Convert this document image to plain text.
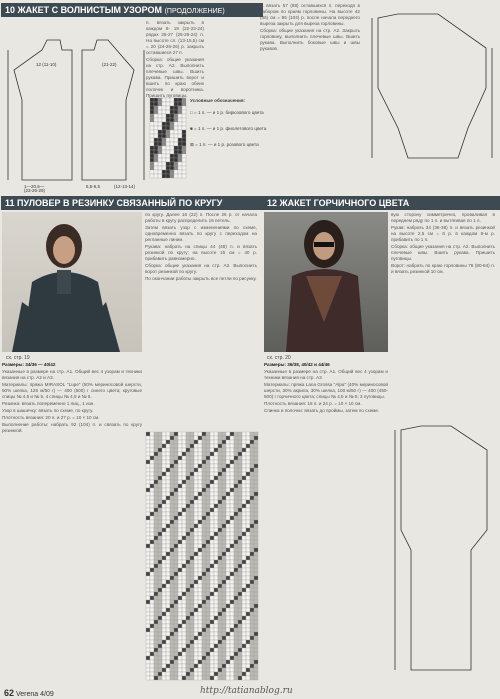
10 ЖАКЕТ С ВОЛНИСТЫМ УЗОРОМ (ПРОДОЛЖЕНИЕ)
1—20,5—
(23-26-29)
6,5-6,5	(12-13-14)
12 (11-10)	(21-22)

п. вязать закрыть в каждом 8- 19 (22-23-24) рядах 25-27 (25-26-24) п. На высоте сл. (13-15,5) см = 20 (24-26-26) р. закрыть оставшиеся 27 п.

Сборка: общие указания на стр. А2. Выполнить плечевые швы. Вшить рукава. Пришить ворот и вшить по краю обеих полочек и воротника. Пришить пуговицы.

Условные обозначения:
□ = 1 п. — и 1 р. бирюзового цвета
■ = 1 п. — и 1 р. фиолетового цвета
⊠ = 1 п. — и 1 р. розового цвета

п. вязать 57 (88) оставшихся п. переходя в набором по краям горловины. На высоте 42 (46) см = 96 (104) р. после начала переднего выреза закрыть для выреза горловины.

Сборка: общие указания на стр. А2. Закрыть горловину, выполнить плечевые швы. Вшить рукава. Выполнить боковые швы и швы рукавов.

11 ПУЛОВЕР В РЕЗИНКУ СВЯЗАННЫЙ ПО КРУГУ	12 ЖАКЕТ ГОРЧИЧНОГО ЦВЕТА

по кругу. Далее 16 (22) п. После 26 р. от начала работы в кругу распределить 16 петель.

Затем вязать узор с изменениями по схеме, одновременно вязать по кругу с переходом на регланные линии.

Рукава: набрать на спицы 44 (48) п. и вязать резинкой по кругу; на высоте 15 см = 40 р. прибавить равномерно.

Сборка: общие указания на стр. А2. Выполнить ворот резинкой по кругу.

По окончании работы закрыть все петли по рисунку.

сх. стр. 19

Размеры: 34/36 — 40/42

Указанные в размере на стр. А1. Общий вес 4 узорам и техники вязания на стр. А2 и А3.

Материалы: пряжа MIRASOL "Lupe" (50% мериносовой шерсти, 50% шелка, 125 м/50 г) — 400 (500) г синего цвета; круговые спицы № 4,5 и № 5, 4 спицы № 4,5 и № 5.

Резинка: вязать попеременно 1 лиц., 1 изн.

Узор в шашечку: вязать по схеме, по кругу.

Плотность вязания: 20 п. и 27 р. = 10 × 10 см.

Выполнение работы: набрать 92 (104) п. и связать по кругу резинкой.

вую сторону симметрично, проваливая в переднем ряду по 1 п. и вытягивая по 1 п.

Рукав: набрать 34 (36-38) п. и вязать резинкой на высоте 2,5 см = 6 р. в каждом 8-м р. прибавить по 1 п.

Сборка: общие указания на стр. А2. Выполнить плечевые швы. Вшить рукава. Пришить пуговицы.

Ворот: набрать по краю горловины 76 (80-84) п. и вязать резинкой 10 см.

сх. стр. 20

Размеры: 36/38, 40/42 и 44/46

Указанные в размере на стр. А1. Общий вес 4 узорам и техники вязания на стр. А3.

Материалы: пряжа Lana Grossa "Alpa" (40% мериносовой шерсти, 30% акрила, 30% шелка, 100 м/50 г) — 400 (450-500) г горчичного цвета; спицы № 4,5 и № 5; 3 пуговицы.

Плотность вязания: 18 п. и 24 р. = 10 × 10 см.

Спинка и полочки: вязать до проймы, затем по схеме.

62 Verena 4/09	http://tatianablog.ru
